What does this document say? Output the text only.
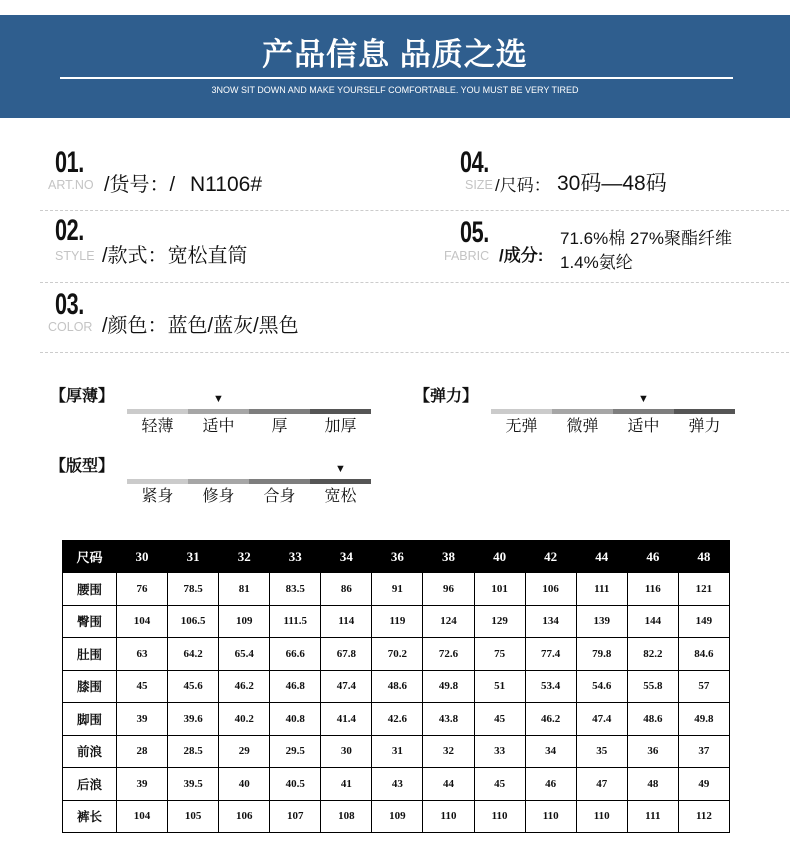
产品信息 品质之选
3NOW SIT DOWN AND MAKE YOURSELF COMFORTABLE. YOU MUST BE VERY TIRED
01.
ART.NO /货号：/ N1106#
04.
SIZE /尺码： 30码—48码
02.
STYLE /款式：宽松直筒
05.
FABRIC /成分:
71.6%棉 27%聚酯纤维
1.4%氨纶
03.
COLOR /颜色：蓝色/蓝灰/黑色
【厚薄】	▼
轻薄	适中	厚	加厚
【弹力】	▼
无弹	微弹	适中	弹力
【版型】	▼
紧身	修身	合身	宽松
尺码	30	31	32	33	34	36	38	40	42	44	46	48
腰围	76	78.5	81	83.5	86	91	96	101	106	111	116	121
臀围	104	106.5	109	111.5	114	119	124	129	134	139	144	149
肚围	63	64.2	65.4	66.6	67.8	70.2	72.6	75	77.4	79.8	82.2	84.6
膝围	45	45.6	46.2	46.8	47.4	48.6	49.8	51	53.4	54.6	55.8	57
脚围	39	39.6	40.2	40.8	41.4	42.6	43.8	45	46.2	47.4	48.6	49.8
前浪	28	28.5	29	29.5	30	31	32	33	34	35	36	37
后浪	39	39.5	40	40.5	41	43	44	45	46	47	48	49
裤长	104	105	106	107	108	109	110	110	110	110	111	112
